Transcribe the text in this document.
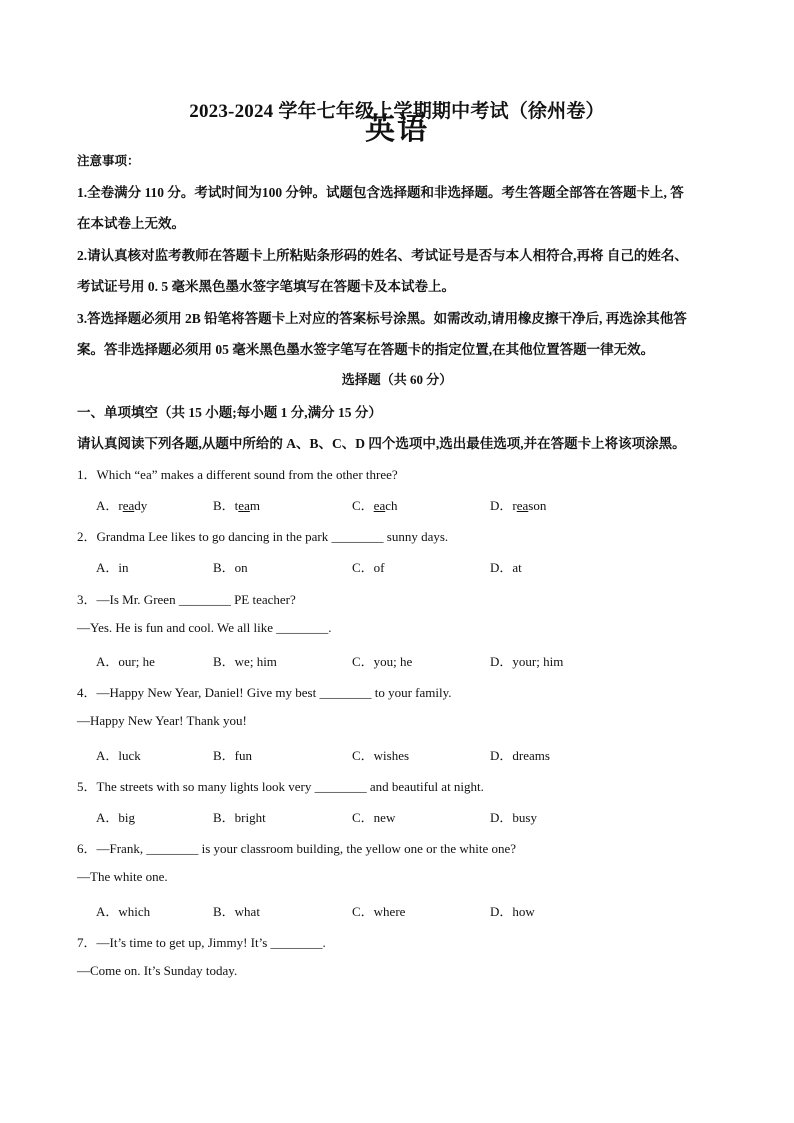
2023-2024 学年七年级上学期期中考试（徐州卷）
英语
注意事项：
1.全卷满分 110 分。考试时间为100 分钟。试题包含选择题和非选择题。考生答题全部答在答题卡上, 答
在本试卷上无效。
2.请认真核对监考教师在答题卡上所粘贴条形码的姓名、考试证号是否与本人相符合,再将 自己的姓名、
考试证号用 0. 5 毫米黑色墨水签字笔填写在答题卡及本试卷上。
3.答选择题必须用 2B 铅笔将答题卡上对应的答案标号涂黑。如需改动,请用橡皮擦干净后, 再选涂其他答
案。答非选择题必须用 05 毫米黑色墨水签字笔写在答题卡的指定位置,在其他位置答题一律无效。
选择题（共 60 分）
一、单项填空（共 15 小题;每小题 1 分,满分 15 分）
请认真阅读下列各题,从题中所给的 A、B、C、D 四个选项中,选出最佳选项,并在答题卡上将该项涂黑。
1．Which “ea” makes a different sound from the other three?
A．ready	B．team	C．each	D．reason
2．Grandma Lee likes to go dancing in the park ________ sunny days.
A．in	B．on	C．of	D．at
3．—Is Mr. Green ________ PE teacher?
—Yes. He is fun and cool. We all like ________.
A．our; he	B．we; him	C．you; he	D．your; him
4．—Happy New Year, Daniel! Give my best ________ to your family.
—Happy New Year! Thank you!
A．luck	B．fun	C．wishes	D．dreams
5．The streets with so many lights look very ________ and beautiful at night.
A．big	B．bright	C．new	D．busy
6．—Frank, ________ is your classroom building, the yellow one or the white one?
—The white one.
A．which	B．what	C．where	D．how
7．—It’s time to get up, Jimmy! It’s ________.
—Come on. It’s Sunday today.
